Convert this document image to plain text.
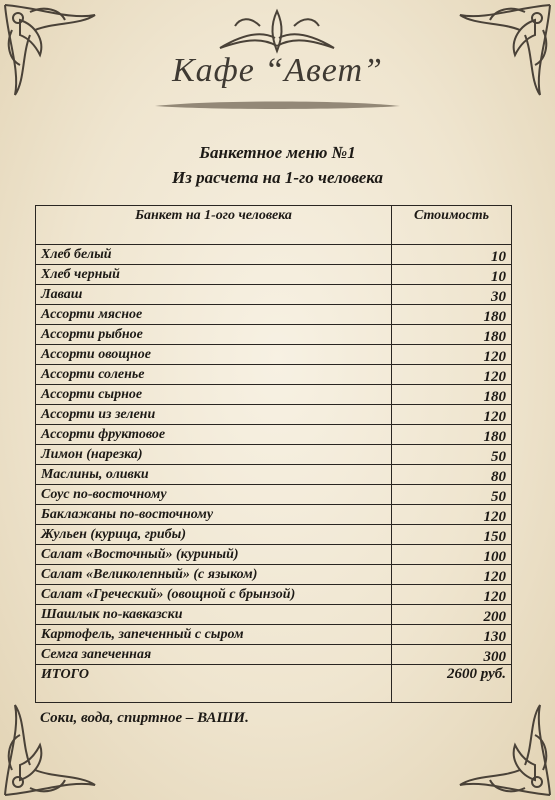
Кафе “Авет”
Банкетное меню №1
Из расчета на 1-го человека
Банкет на 1-ого человека	Стоимость
Хлеб белый	10
Хлеб черный	10
Лаваш	30
Ассорти мясное	180
Ассорти рыбное	180
Ассорти овощное	120
Ассорти соленье	120
Ассорти сырное	180
Ассорти из зелени	120
Ассорти фруктовое	180
Лимон (нарезка)	50
Маслины, оливки	80
Соус по-восточному	50
Баклажаны по-восточному	120
Жульен (курица, грибы)	150
Салат «Восточный» (куриный)	100
Салат «Великолепный» (с языком)	120
Салат «Греческий» (овощной с брынзой)	120
Шашлык по-кавказски	200
Картофель, запеченный с сыром	130
Семга запеченная	300
ИТОГО	2600 руб.
Соки, вода, спиртное – ВАШИ.
